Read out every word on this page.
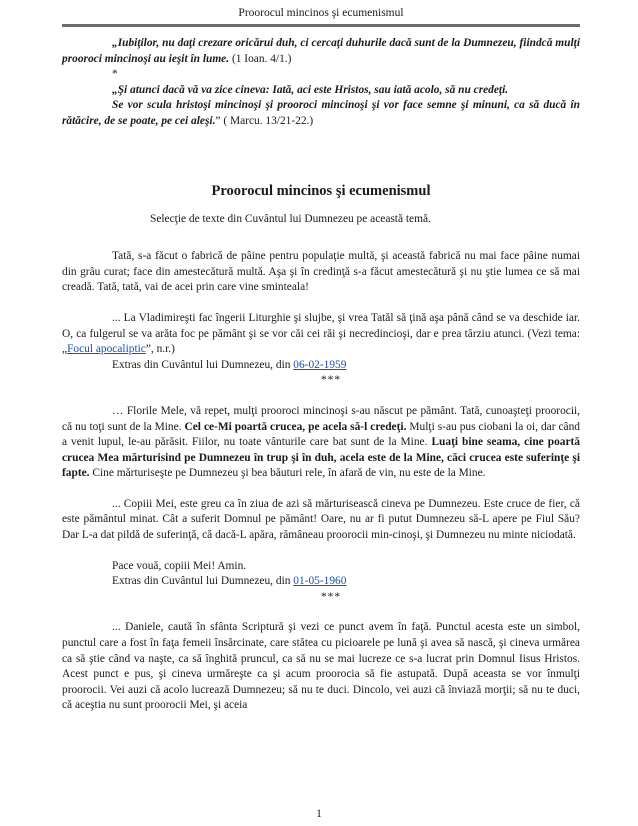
Proorocul mincinos şi ecumenismul

„Iubiţilor, nu daţi crezare oricărui duh, ci cercaţi duhurile dacă sunt de la Dumnezeu, fiindcă mulţi prooroci mincinoşi au ieşit în lume. (1 Ioan. 4/1.)

*

„Şi atunci dacă vă va zice cineva: Iată, aci este Hristos, sau iată acolo, să nu credeţi.

Se vor scula hristoşi mincinoşi şi prooroci mincinoşi şi vor face semne şi minuni, ca să ducă în rătăcire, de se poate, pe cei aleşi.” ( Marcu. 13/21-22.)

Proorocul mincinos şi ecumenismul
Selecţie de texte din Cuvântul lui Dumnezeu pe această temă.

Tată, s-a făcut o fabrică de pâine pentru populaţie multă, şi această fabrică nu mai face pâine numai din grâu curat; face din amestecătură multă. Aşa şi în credinţă s-a făcut amestecătură şi nu ştie lumea ce să mai creadă. Tată, tată, vai de acei prin care vine sminteala!

... La Vladimireşti fac îngerii Liturghie şi slujbe, şi vrea Tatăl să ţină aşa până când se va deschide iar. O, ca fulgerul se va arăta foc pe pământ şi se vor căi cei răi şi necredincioşi, dar e prea târziu atunci. (Vezi tema: „Focul apocaliptic”, n.r.)

Extras din Cuvântul lui Dumnezeu, din 06-02-1959

***

… Florile Mele, vă repet, mulţi prooroci mincinoşi s-au născut pe pământ. Tată, cunoaşteţi proorocii, că nu toţi sunt de la Mine. Cel ce-Mi poartă crucea, pe acela să-l credeţi. Mulţi s-au pus ciobani la oi, dar când a venit lupul, le-au părăsit. Fiilor, nu toate vânturile care bat sunt de la Mine. Luaţi bine seama, cine poartă crucea Mea mărturisind pe Dumnezeu în trup şi în duh, acela este de la Mine, căci crucea este suferinţe şi fapte. Cine mărturiseşte pe Dumnezeu şi bea băuturi rele, în afară de vin, nu este de la Mine.

... Copiii Mei, este greu ca în ziua de azi să mărturisească cineva pe Dumnezeu. Este cruce de fier, că este pământul minat. Cât a suferit Domnul pe pământ! Oare, nu ar fi putut Dumnezeu să-L apere pe Fiul Său? Dar L-a dat pildă de suferinţă, că dacă-L apăra, rămâneau proorocii min-cinoşi, şi Dumnezeu nu minte niciodată.

Pace vouă, copiii Mei! Amin.

Extras din Cuvântul lui Dumnezeu, din 01-05-1960

***

... Daniele, caută în sfânta Scriptură şi vezi ce punct avem în faţă. Punctul acesta este un simbol, punctul care a fost în faţa femeii însărcinate, care stătea cu picioarele pe lună şi avea să nască, şi cineva urmărea ca să ştie când va naşte, ca să înghită pruncul, ca să nu se mai lucreze ce s-a lucrat prin Domnul Iisus Hristos. Acest punct e pus, şi cineva urmăreşte ca şi acum proorocia să fie astupată. După aceasta se vor înmulţi proorocii. Vei auzi că acolo lucrează Dumnezeu; să nu te duci. Dincolo, vei auzi că înviază morţii; să nu te duci, că aceştia nu sunt proorocii Mei, şi aceia

1
